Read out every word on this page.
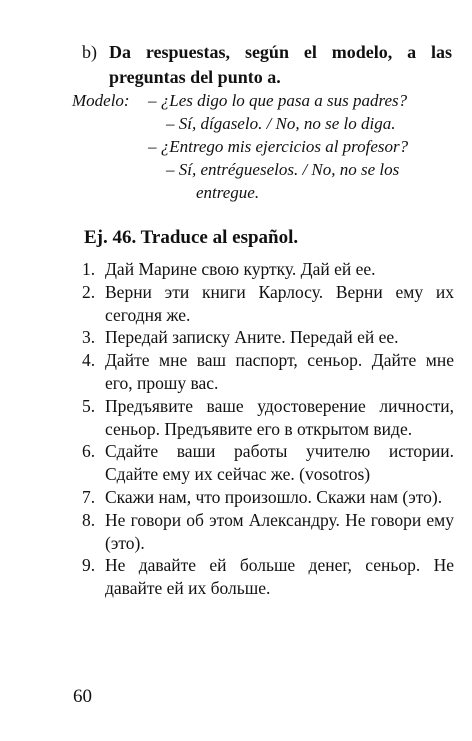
b) Da respuestas, según el modelo, a las preguntas del punto a.
Modelo: – ¿Les digo lo que pasa a sus padres?
– Sí, dígaselo. / No, no se lo diga.
– ¿Entrego mis ejercicios al profesor?
– Sí, entrégueselos. / No, no se los
entregue.
Ej. 46. Traduce al español.
1. Дай Марине свою куртку. Дай ей ее.
2. Верни эти книги Карлосу. Верни ему их сегодня же.
3. Передай записку Аните. Передай ей ее.
4. Дайте мне ваш паспорт, сеньор. Дайте мне его, прошу вас.
5. Предъявите ваше удостоверение личности, сеньор. Предъявите его в открытом виде.
6. Сдайте ваши работы учителю истории. Сдайте ему их сейчас же. (vosotros)
7. Скажи нам, что произошло. Скажи нам (это).
8. Не говори об этом Александру. Не говори ему (это).
9. Не давайте ей больше денег, сеньор. Не давайте ей их больше.
60
